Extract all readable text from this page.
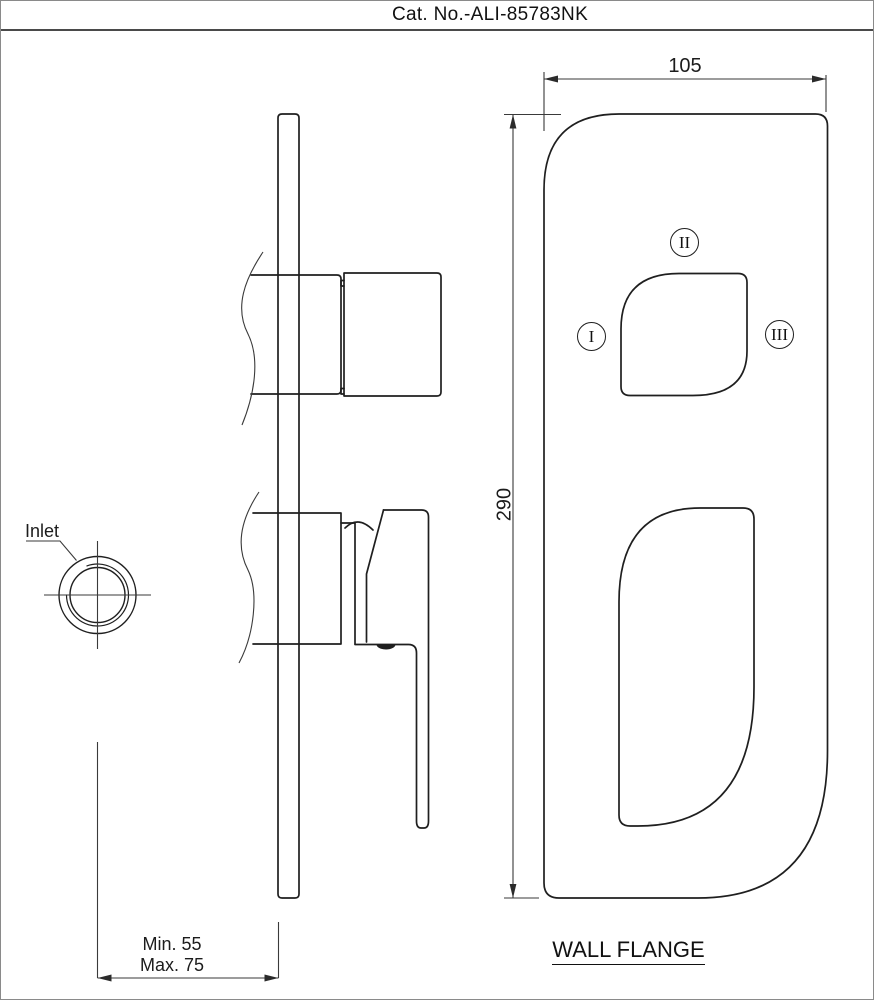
Cat. No.-ALI-85783NK
Inlet
105
290
Min. 55
Max. 75
I
II
III
WALL FLANGE
